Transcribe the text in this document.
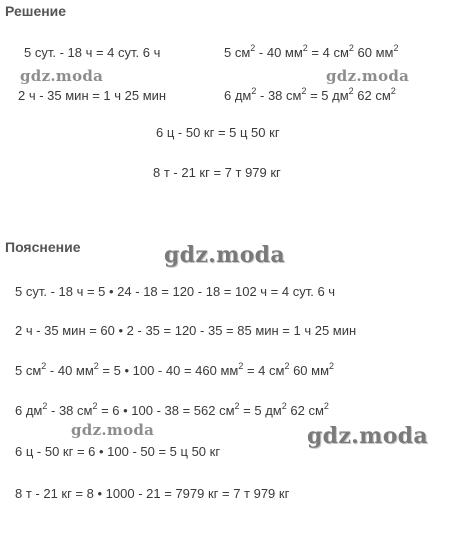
Решение
5 сут. - 18 ч = 4 сут. 6 ч	5 $см^2 - 40$ $мм^2 = 4$ $см^2$ 60 $мм^2$
2 ч - 35 мин = 1 ч 25 мин	6 $дм^2 - 38$ $см^2 = 5$ $дм^2$ 62 $см^2$
6 ц - 50 кг = 5 ц 50 кг
8 т - 21 кг = 7 т 979 кг
Пояснение
5 сут. - 18 ч = 5 • 24 - 18 = 120 - 18 = 102 ч = 4 сут. 6 ч
2 ч - 35 мин = 60 • 2 - 35 = 120 - 35 = 85 мин = 1 ч 25 мин
5 $см^2 - 40$ $мм^2 = 5$ • 100 - 40 = 460 $мм^2 = 4$ $см^2$ 60 $мм^2$
6 $дм^2 - 38$ $см^2 = 6$ • 100 - 38 = 562 $см^2 = 5$ $дм^2$ 62 $см^2$
6 ц - 50 кг = 6 • 100 - 50 = 5 ц 50 кг
8 т - 21 кг = 8 • 1000 - 21 = 7979 кг = 7 т 979 кг
gdz.moda	gdz.moda
gdz.moda
gdz.moda	gdz.moda
